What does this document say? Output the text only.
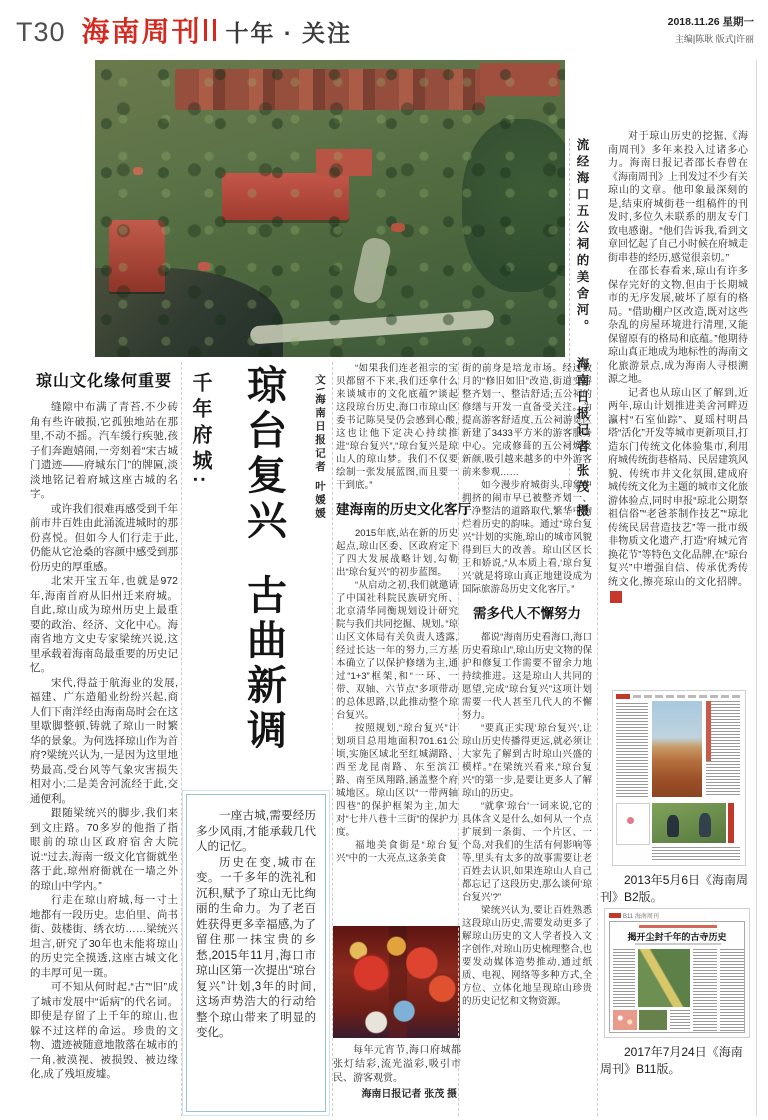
T30 海南周刊 十年 · 关注	2018.11.26 星期一
主编|陈耿 版式|许丽
流经海口五公祠的美舍河。 海南日报记者 张茂 摄

对于琼山历史的挖掘,《海南周刊》多年来投入过诸多心力。海南日报记者邵长春曾在《海南周刊》上刊发过不少有关琼山的文章。他印象最深刻的是,结束府城街巷一组稿件的刊发时,多位久未联系的朋友专门致电感谢。“他们告诉我,看到文章回忆起了自己小时候在府城走街串巷的经历,感觉很亲切。”

在邵长春看来,琼山有许多保存完好的文物,但由于长期城市的无序发展,破坏了原有的格局。“借助棚户区改造,既对这些杂乱的房屋环境进行清理,又能保留原有的格局和底蕴。”他期待琼山真正地成为地标性的海南文化旅游景点,成为海南人寻根溯源之地。

记者也从琼山区了解到,近两年,琼山计划推进美舍河畔迈瀛村“石室仙踪”、夏瑶村明昌塔“活化”开发等城市更新项目,打造东门传统文化体验集市,利用府城传统街巷格局、民居建筑风貌、传统市井文化氛围,建成府城传统文化为主题的城市文化旅游体验点,同时申报“琼北公期祭祖信俗”“老爸茶制作技艺”“琼北传统民居营造技艺”等一批市级非物质文化遗产,打造“府城元宵换花节”等特色文化品牌,在“琼台复兴”中增强自信、传承优秀传统文化,擦亮琼山的文化招牌。琼

2013年5月6日《海南周刊》B2版。
B11 海南周刊
揭开尘封千年的古寺历史
2017年7月24日《海南周刊》B11版。
琼山文化缘何重要

缝隙中布满了青苔,不少砖角有些许破损,它孤独地站在那里,不动不摇。汽车缓行疾驰,孩子们奔跑嬉闹,一旁刻着“宋古城门遗迹——府城东门”的牌匾,淡淡地铭记着府城这座古城的名字。

或许我们很难再感受到千年前市井百姓由此涌流进城时的那份喜悦。但如今人们行走于此,仍能从它沧桑的容颜中感受到那份历史的厚重感。

北宋开宝五年,也就是972年,海南首府从旧州迁来府城。自此,琼山成为琼州历史上最重要的政治、经济、文化中心。海南省地方文史专家梁统兴说,这里承载着海南岛最重要的历史记忆。

宋代,得益于航海业的发展,福建、广东造船业纷纷兴起,商人们下南洋经由海南岛时会在这里歇脚整顿,铸就了琼山一时繁华的景象。为何选择琼山作为首府?梁统兴认为,一是因为这里地势最高,受台风等气象灾害损失相对小;二是美舍河流经于此,交通便利。

跟随梁统兴的脚步,我们来到文庄路。70多岁的他指了指眼前的琼山区政府宿舍大院说:“过去,海南一级文化官衙就坐落于此,琼州府衙就在一墙之外的琼山中学内。”

行走在琼山府城,每一寸土地都有一段历史。忠伯里、尚书街、鼓楼街、绣衣坊……梁统兴坦言,研究了30年也未能将琼山的历史完全摸透,这座古城文化的丰厚可见一斑。

可不知从何时起,“古”“旧”成了城市发展中“诟病”的代名词。即使是存留了上千年的琼山,也躲不过这样的命运。珍贵的文物、遗迹被随意地散落在城市的一角,被漠视、被损毁、被边缘化,成了残垣废墟。

千年府城: 琼台复兴古曲新调
文\海南日报记者 叶媛媛

一座古城,需要经历多少风雨,才能承载几代人的记忆。

历史在变,城市在变。一千多年的洗礼和沉积,赋予了琼山无比绚丽的生命力。为了老百姓获得更多幸福感,为了留住那一抹宝贵的乡愁,2015年11月,海口市琼山区第一次提出“琼台复兴”计划,3年的时间,这场声势浩大的行动给整个琼山带来了明显的变化。

“如果我们连老祖宗的宝贝都留不下来,我们还拿什么来谈城市的文化底蕴?”谈起这段琼台历史,海口市琼山区委书记陈昊旻仍会感到心酸,这也让他下定决心持续推进“琼台复兴”,“琼台复兴是琼山人的琼山梦。我们不仅要绘制一张发展蓝图,而且要一干到底。”

建海南的历史文化客厅

2015年底,站在新的历史起点,琼山区委、区政府定下了四大发展战略计划,勾勒出“琼台复兴”的初步蓝图。

“从启动之初,我们就邀请了中国社科院民族研究所、北京清华同衡规划设计研究院与我们共同挖掘、规划。”琼山区文体局有关负责人透露,经过长达一年的努力,三方基本确立了以保护修缮为主,通过“1+3”框架,和“一环、一带、双轴、六节点”多项带动的总体思路,以此推动整个琼台复兴。

按照规划,“琼台复兴”计划项目总用地面积701.61公顷,实施区域北至红城湖路、西至龙昆南路、东至滨江路、南至凤翔路,涵盖整个府城地区。琼山区以“一带两轴四巷”的保护框架为主,加大对“七井八巷十三街”的保护力度。

福地美食街是“琼台复兴”中的一大亮点,这条美食

每年元宵节,海口府城都张灯结彩,流光溢彩,吸引市民、游客观赏。

海南日报记者 张茂 摄

街的前身是培龙市场。经过数月的“修旧如旧”改造,街道变得整齐划一、整洁舒适;五公祠的修缮与开发一直备受关注。为提高游客舒适度,五公祠游览区新建了3433平方米的游客服务中心。完成修葺的五公祠焕发新颜,吸引越来越多的中外游客前来参观……

如今漫步府城街头,印象中拥挤的闹市早已被整齐划一、干净整洁的道路取代,繁华中绚烂着历史的韵味。通过“琼台复兴”计划的实施,琼山的城市风貌得到巨大的改善。琼山区区长王和娇说,“从本质上看,‘琼台复兴’就是将琼山真正地建设成为国际旅游岛历史文化客厅。”

需多代人不懈努力

都说“海南历史看海口,海口历史看琼山”,琼山历史文物的保护和修复工作需要不留余力地持续推进。这是琼山人共同的愿望,完成“琼台复兴”这项计划需要一代人甚至几代人的不懈努力。

“要真正实现‘琼台复兴’,让琼山历史传播得更远,就必须让大家先了解到古时琼山兴盛的模样。”在梁统兴看来,“琼台复兴”的第一步,是要让更多人了解琼山的历史。

“就拿‘琼台’一词来说,它的具体含义是什么,如何从一个点扩展到一条街、一个片区、一个岛,对我们的生活有何影响等等,里头有太多的故事需要让老百姓去认识,如果连琼山人自己都忘记了这段历史,那么谈何‘琼台复兴’?”

梁统兴认为,要让百姓熟悉这段琼山历史,需要发动更多了解琼山历史的文人学者投入文字创作,对琼山历史梳理整合,也要发动媒体造势推动,通过纸质、电视、网络等多种方式,全方位、立体化地呈现琼山珍贵的历史记忆和文物资源。
